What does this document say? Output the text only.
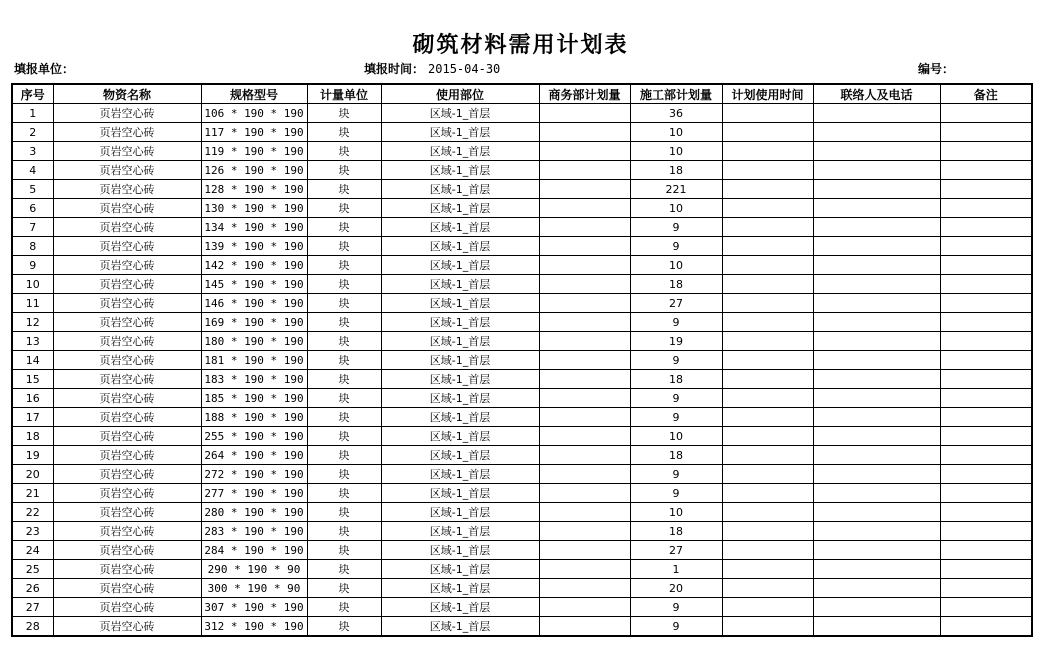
砌筑材料需用计划表
填报单位：	填报时间： 2015-04-30	编号：
序号	物资名称	规格型号	计量单位	使用部位	商务部计划量	施工部计划量	计划使用时间	联络人及电话	备注
1	页岩空心砖	106 * 190 * 190	块	区域-1_首层		36			
2	页岩空心砖	117 * 190 * 190	块	区域-1_首层		10			
3	页岩空心砖	119 * 190 * 190	块	区域-1_首层		10			
4	页岩空心砖	126 * 190 * 190	块	区域-1_首层		18			
5	页岩空心砖	128 * 190 * 190	块	区域-1_首层		221			
6	页岩空心砖	130 * 190 * 190	块	区域-1_首层		10			
7	页岩空心砖	134 * 190 * 190	块	区域-1_首层		9			
8	页岩空心砖	139 * 190 * 190	块	区域-1_首层		9			
9	页岩空心砖	142 * 190 * 190	块	区域-1_首层		10			
10	页岩空心砖	145 * 190 * 190	块	区域-1_首层		18			
11	页岩空心砖	146 * 190 * 190	块	区域-1_首层		27			
12	页岩空心砖	169 * 190 * 190	块	区域-1_首层		9			
13	页岩空心砖	180 * 190 * 190	块	区域-1_首层		19			
14	页岩空心砖	181 * 190 * 190	块	区域-1_首层		9			
15	页岩空心砖	183 * 190 * 190	块	区域-1_首层		18			
16	页岩空心砖	185 * 190 * 190	块	区域-1_首层		9			
17	页岩空心砖	188 * 190 * 190	块	区域-1_首层		9			
18	页岩空心砖	255 * 190 * 190	块	区域-1_首层		10			
19	页岩空心砖	264 * 190 * 190	块	区域-1_首层		18			
20	页岩空心砖	272 * 190 * 190	块	区域-1_首层		9			
21	页岩空心砖	277 * 190 * 190	块	区域-1_首层		9			
22	页岩空心砖	280 * 190 * 190	块	区域-1_首层		10			
23	页岩空心砖	283 * 190 * 190	块	区域-1_首层		18			
24	页岩空心砖	284 * 190 * 190	块	区域-1_首层		27			
25	页岩空心砖	290 * 190 * 90	块	区域-1_首层		1			
26	页岩空心砖	300 * 190 * 90	块	区域-1_首层		20			
27	页岩空心砖	307 * 190 * 190	块	区域-1_首层		9			
28	页岩空心砖	312 * 190 * 190	块	区域-1_首层		9			
